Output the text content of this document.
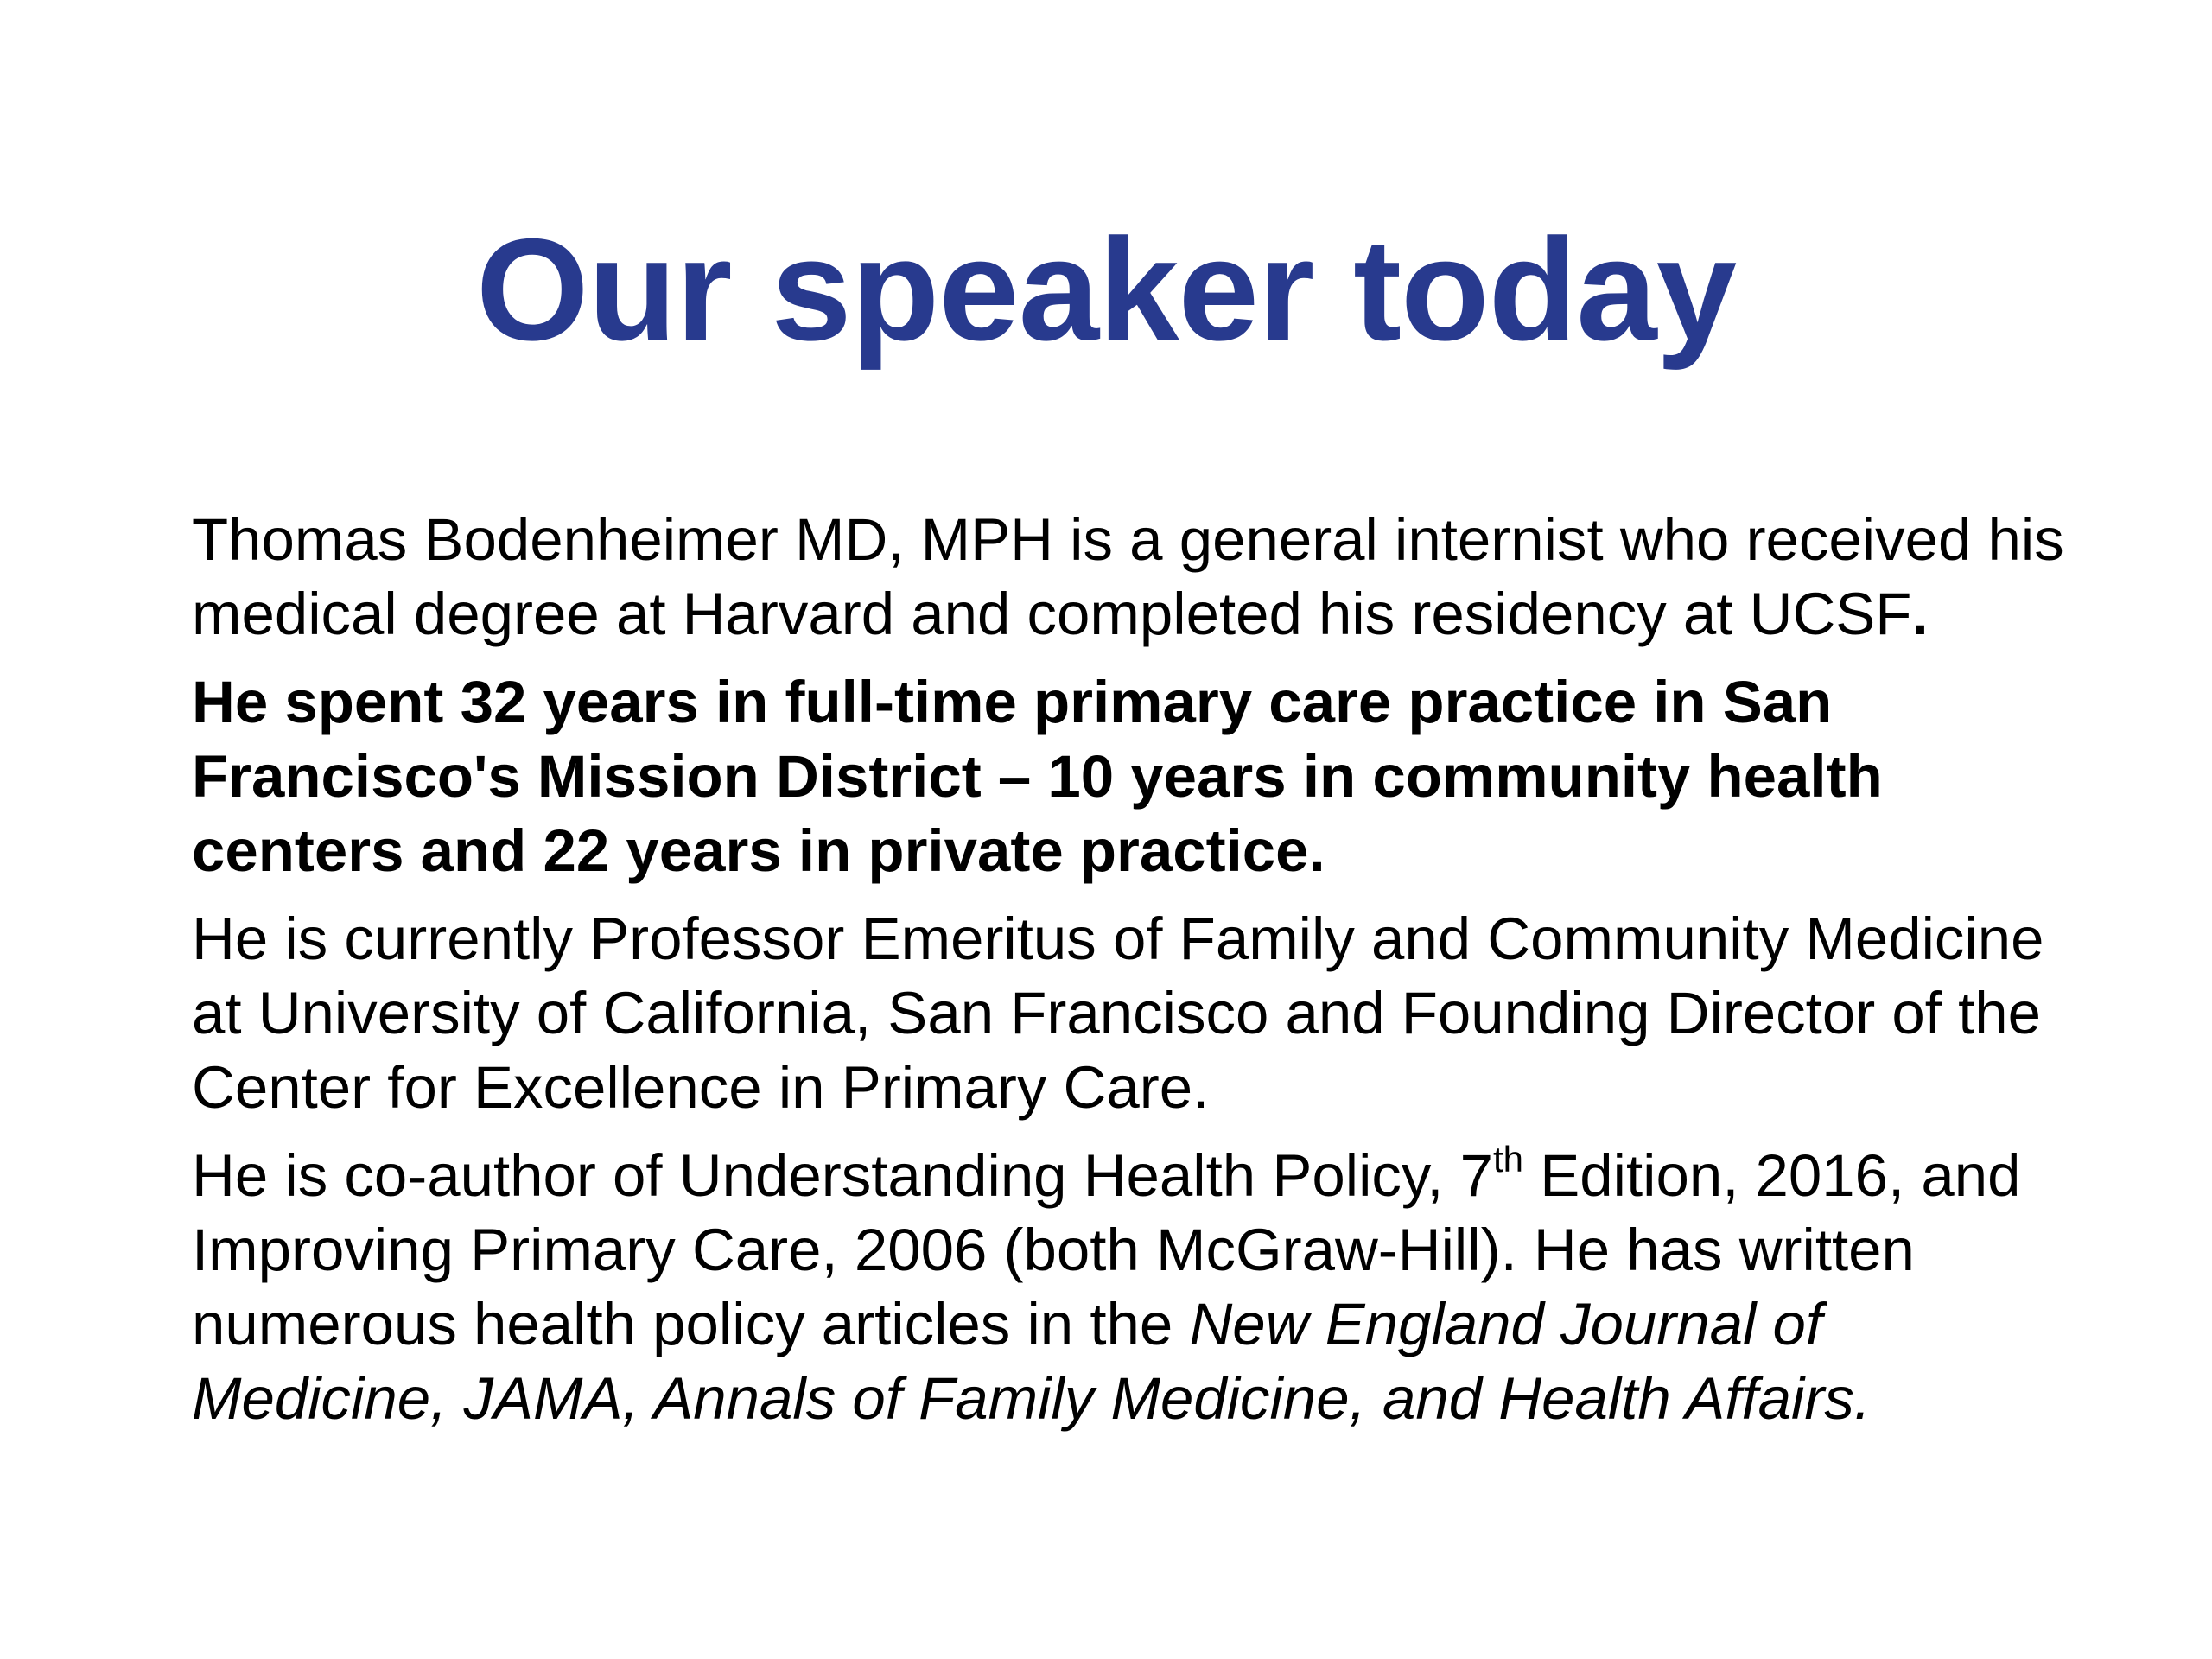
Our speaker today

Thomas Bodenheimer MD, MPH is a general internist who received his medical degree at Harvard and completed his residency at UCSF.

He spent 32 years in full-time primary care practice in San Francisco's Mission District – 10 years in community health centers and 22 years in private practice.

He is currently Professor Emeritus of Family and Community Medicine at University of California, San Francisco and Founding Director of the Center for Excellence in Primary Care.

He is co-author of Understanding Health Policy, 7th Edition, 2016, and Improving Primary Care, 2006 (both McGraw-Hill). He has written numerous health policy articles in the New England Journal of Medicine, JAMA, Annals of Family Medicine, and Health Affairs.
